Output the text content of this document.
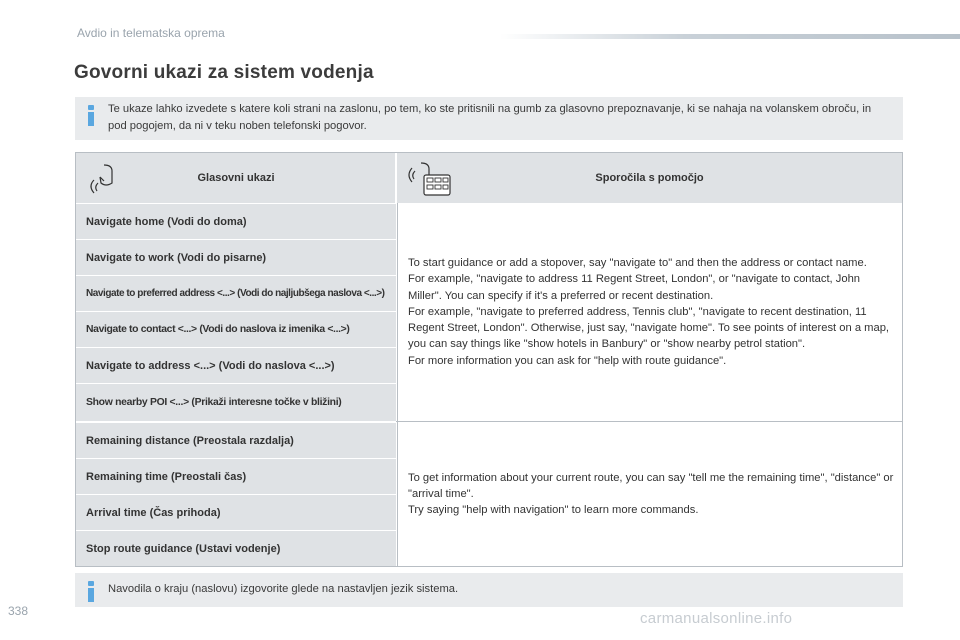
Avdio in telematska oprema
Govorni ukazi za sistem vodenja
Te ukaze lahko izvedete s katere koli strani na zaslonu, po tem, ko ste pritisnili na gumb za glasovno prepoznavanje, ki se nahaja na volanskem obroču, in pod pogojem, da ni v teku noben telefonski pogovor.
Glasovni ukazi	Sporočila s pomočjo
Navigate home (Vodi do doma)
Navigate to work (Vodi do pisarne)
Navigate to preferred address <...> (Vodi do najljubšega naslova <...>)
Navigate to contact <...> (Vodi do naslova iz imenika <...>)
Navigate to address <...> (Vodi do naslova <...>)
Show nearby POI <...> (Prikaži interesne točke v bližini)

To start guidance or add a stopover, say "navigate to" and then the address or contact name.
For example, "navigate to address 11 Regent Street, London", or "navigate to contact, John Miller". You can specify if it's a preferred or recent destination.
For example, "navigate to preferred address, Tennis club", "navigate to recent destination, 11 Regent Street, London". Otherwise, just say, "navigate home". To see points of interest on a map, you can say things like "show hotels in Banbury" or "show nearby petrol station".
For more information you can ask for "help with route guidance".

Remaining distance (Preostala razdalja)
Remaining time (Preostali čas)
Arrival time (Čas prihoda)
Stop route guidance (Ustavi vodenje)

To get information about your current route, you can say "tell me the remaining time", "distance" or "arrival time".
Try saying "help with navigation" to learn more commands.

Navodila o kraju (naslovu) izgovorite glede na nastavljen jezik sistema.
338	carmanualsonline.info
